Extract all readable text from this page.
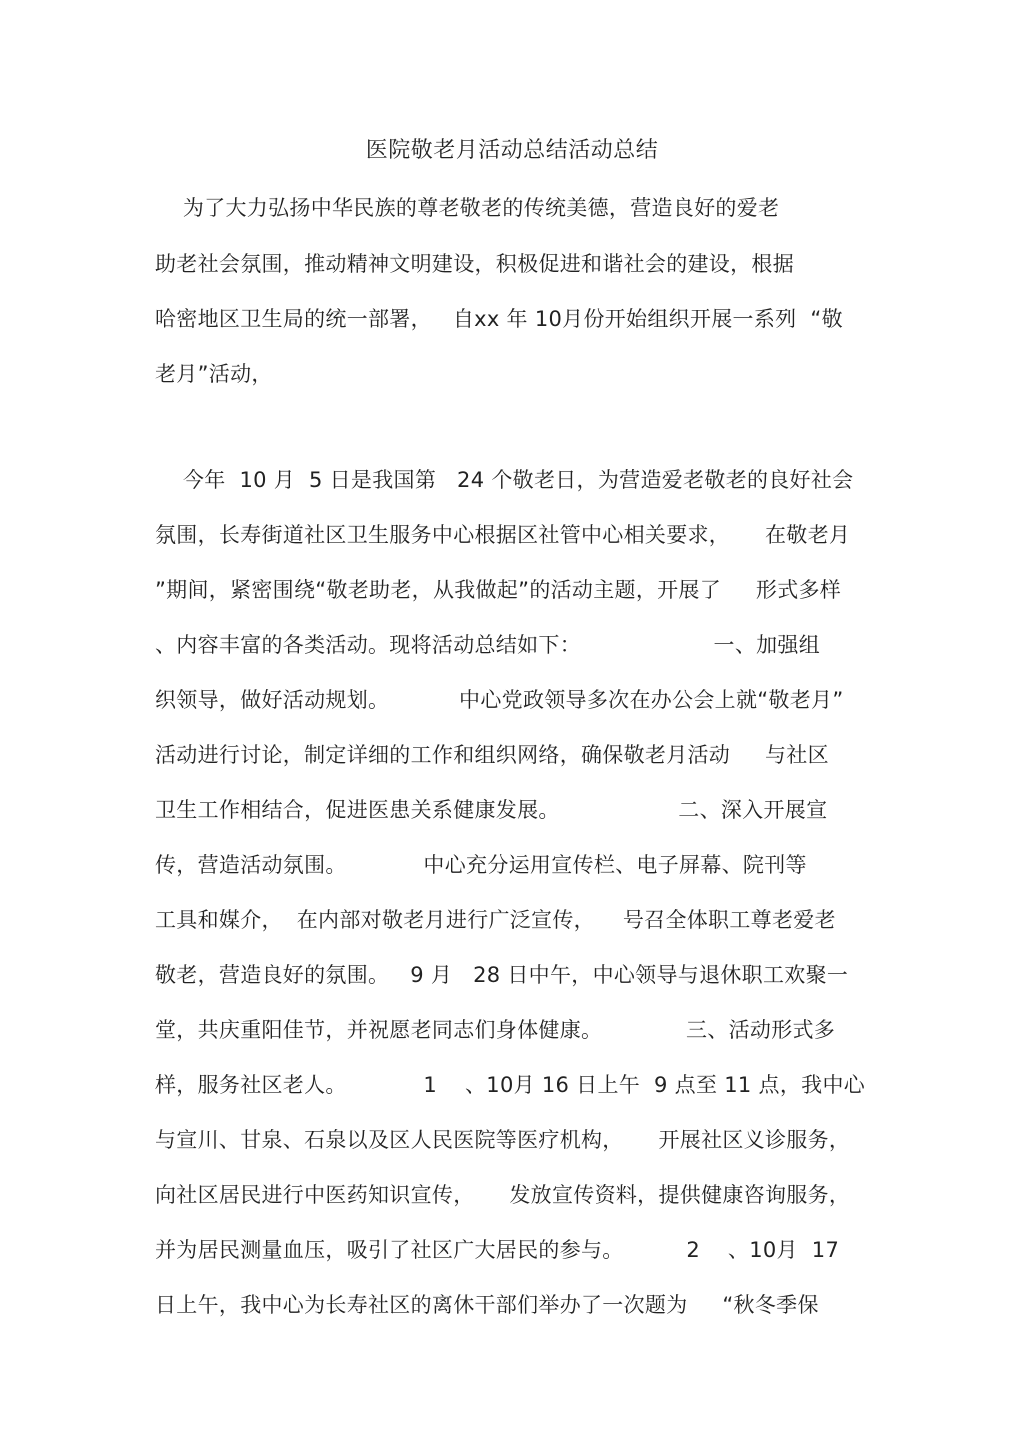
医院敬老月活动总结活动总结
为了大力弘扬中华民族的尊老敬老的传统美德，营造良好的爱老
助老社会氛围，推动精神文明建设，积极促进和谐社会的建设，根据
哈密地区卫生局的统一部署，   自xx 年 10月份开始组织开展一系列  “敬
老月”活动，
今年  10 月  5 日是我国第   24 个敬老日，为营造爱老敬老的良好社会
氛围，长寿街道社区卫生服务中心根据区社管中心相关要求，     在敬老月
”期间，紧密围绕“敬老助老，从我做起”的活动主题，开展了     形式多样
、内容丰富的各类活动。现将活动总结如下：                   一、加强组
织领导，做好活动规划。          中心党政领导多次在办公会上就“敬老月”
活动进行讨论，制定详细的工作和组织网络，确保敬老月活动     与社区
卫生工作相结合，促进医患关系健康发展。                 二、深入开展宣
传，营造活动氛围。           中心充分运用宣传栏、电子屏幕、院刊等
工具和媒介，  在内部对敬老月进行广泛宣传，    号召全体职工尊老爱老
敬老，营造良好的氛围。   9 月   28 日中午，中心领导与退休职工欢聚一
堂，共庆重阳佳节，并祝愿老同志们身体健康。            三、活动形式多
样，服务社区老人。           1    、10月 16 日上午  9 点至 11 点，我中心
与宣川、甘泉、石泉以及区人民医院等医疗机构，     开展社区义诊服务，
向社区居民进行中医药知识宣传，     发放宣传资料，提供健康咨询服务，
并为居民测量血压，吸引了社区广大居民的参与。         2    、10月  17
日上午，我中心为长寿社区的离休干部们举办了一次题为     “秋冬季保
